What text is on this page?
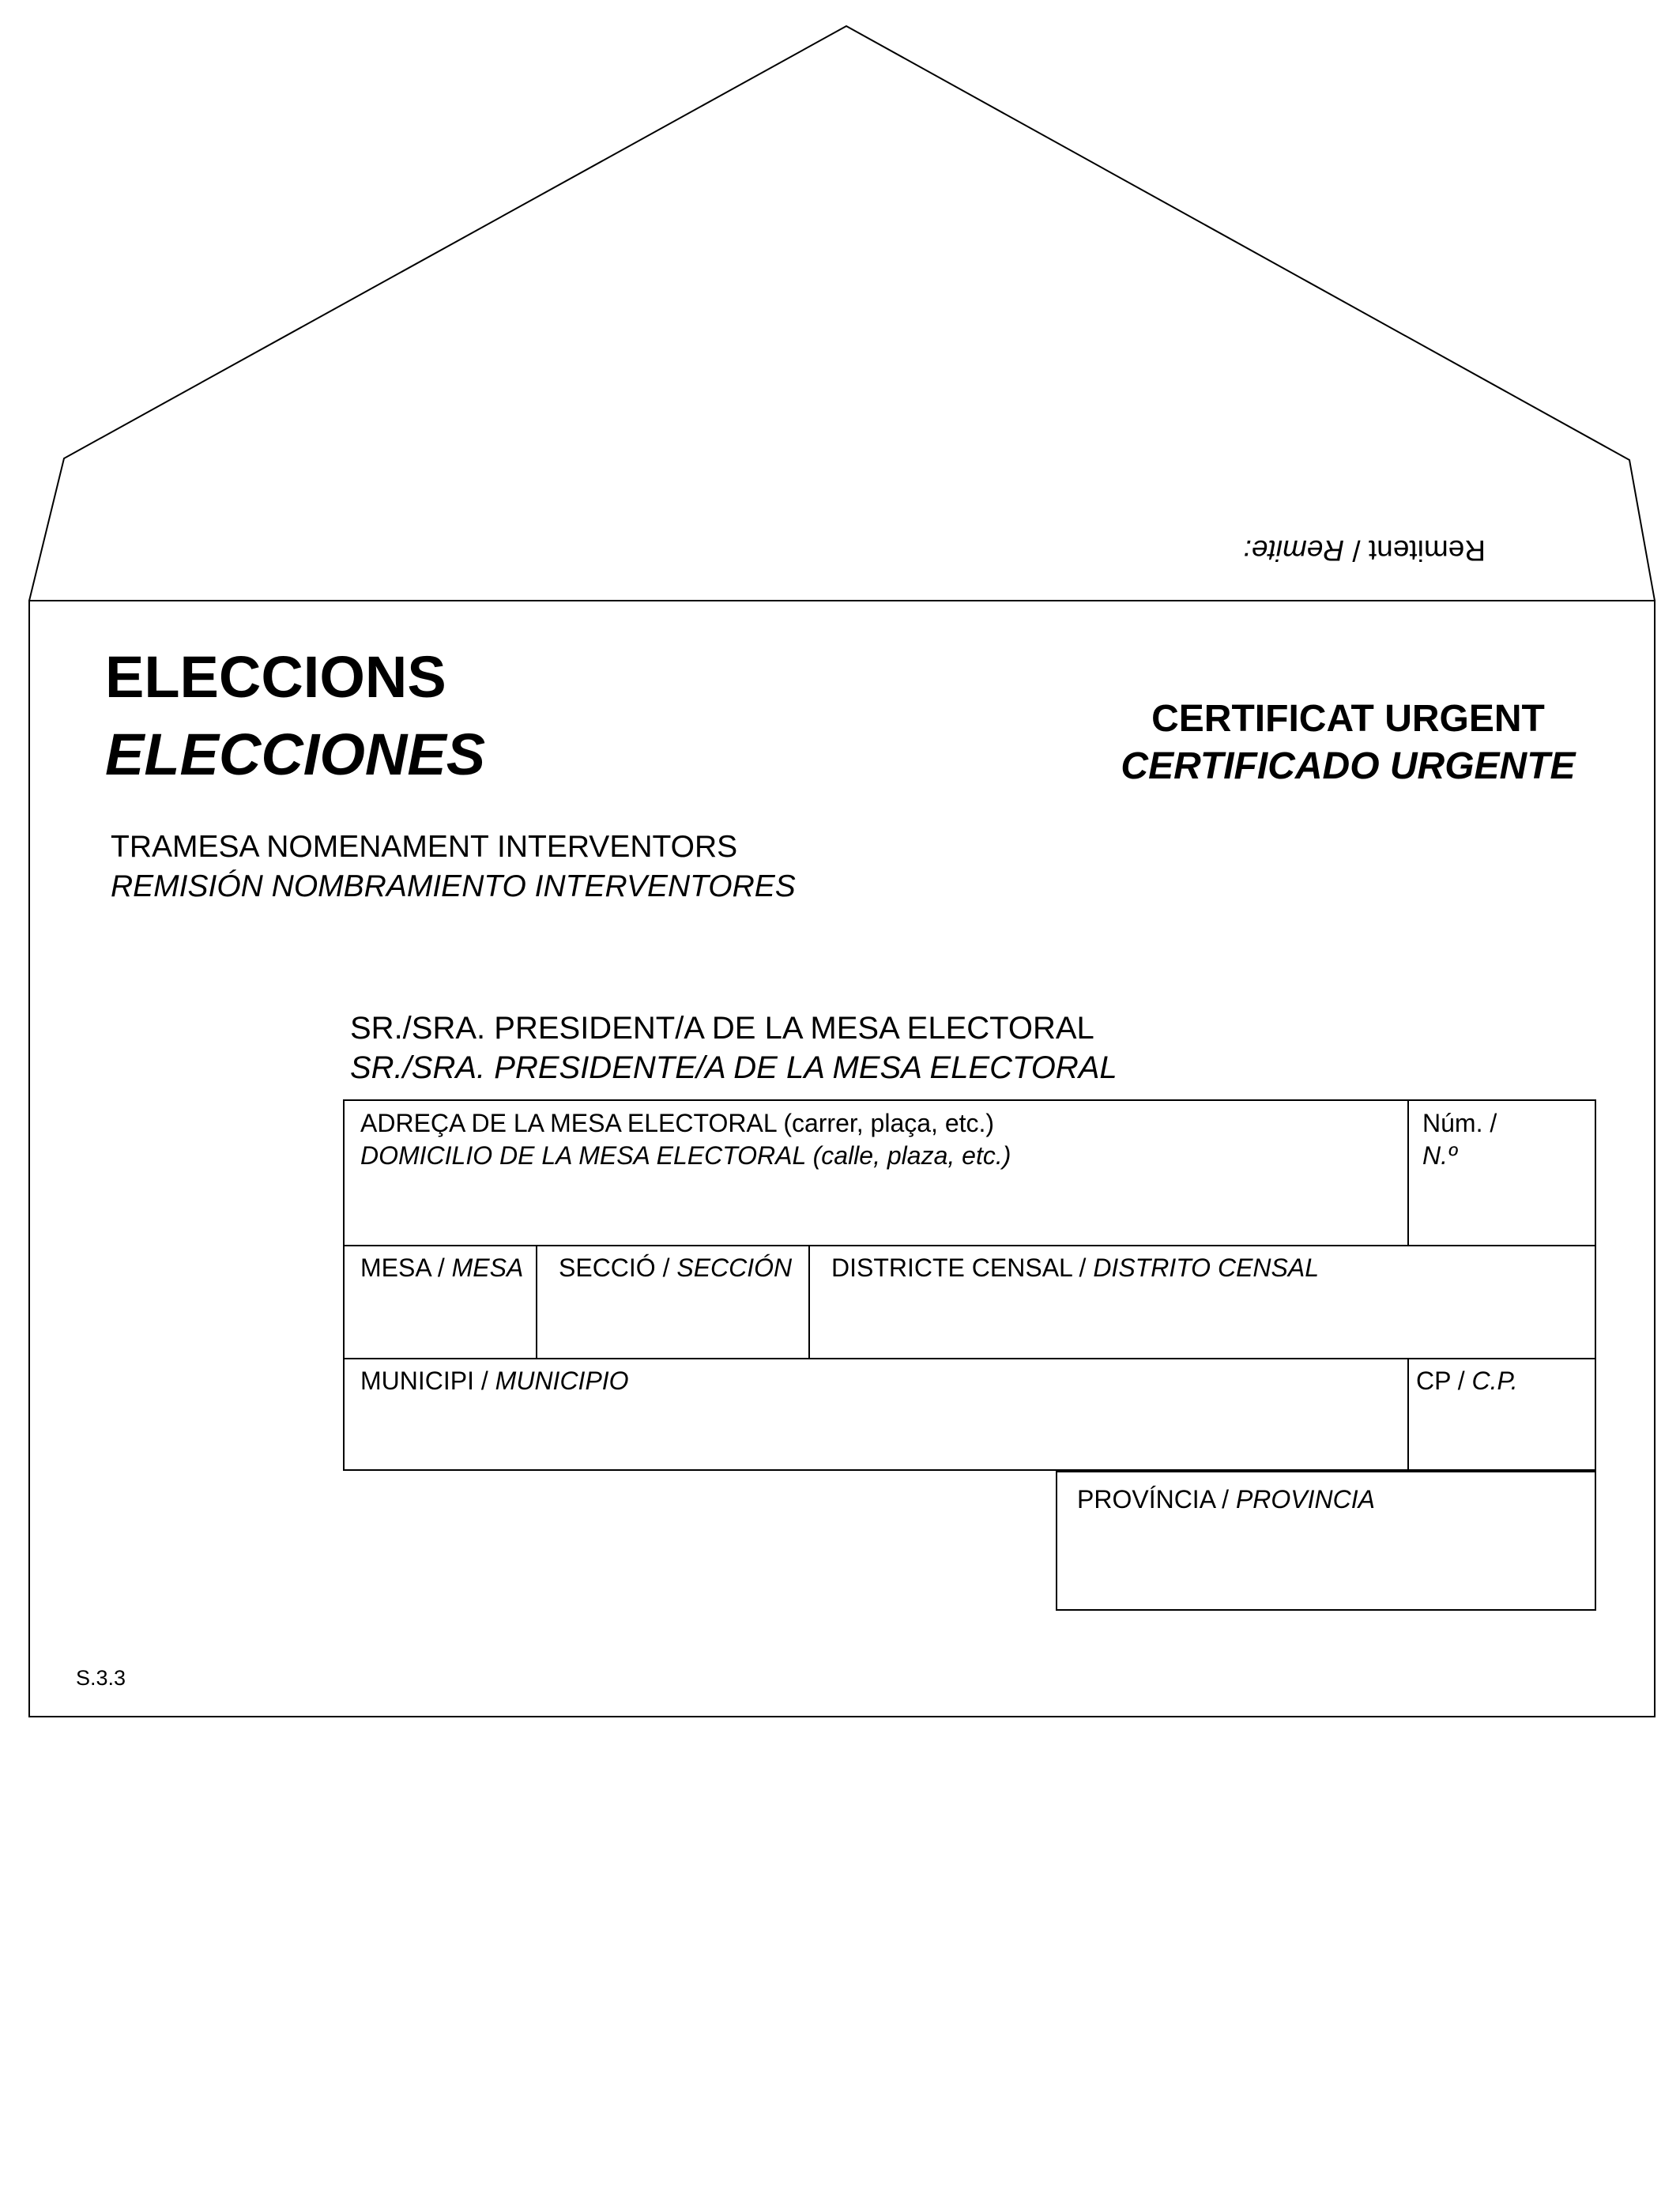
Remitent / Remite:
ELECCIONS
ELECCIONES
CERTIFICAT URGENT
CERTIFICADO URGENTE
TRAMESA NOMENAMENT INTERVENTORS
REMISIÓN NOMBRAMIENTO INTERVENTORES
SR./SRA. PRESIDENT/A DE LA MESA ELECTORAL
SR./SRA. PRESIDENTE/A DE LA MESA ELECTORAL
ADREÇA DE LA MESA ELECTORAL (carrer, plaça, etc.)
DOMICILIO DE LA MESA ELECTORAL (calle, plaza, etc.)
Núm. /
N.º
MESA / MESA SECCIÓ / SECCIÓN DISTRICTE CENSAL / DISTRITO CENSAL
MUNICIPI / MUNICIPIO	CP / C.P.
PROVÍNCIA / PROVINCIA
S.3.3
